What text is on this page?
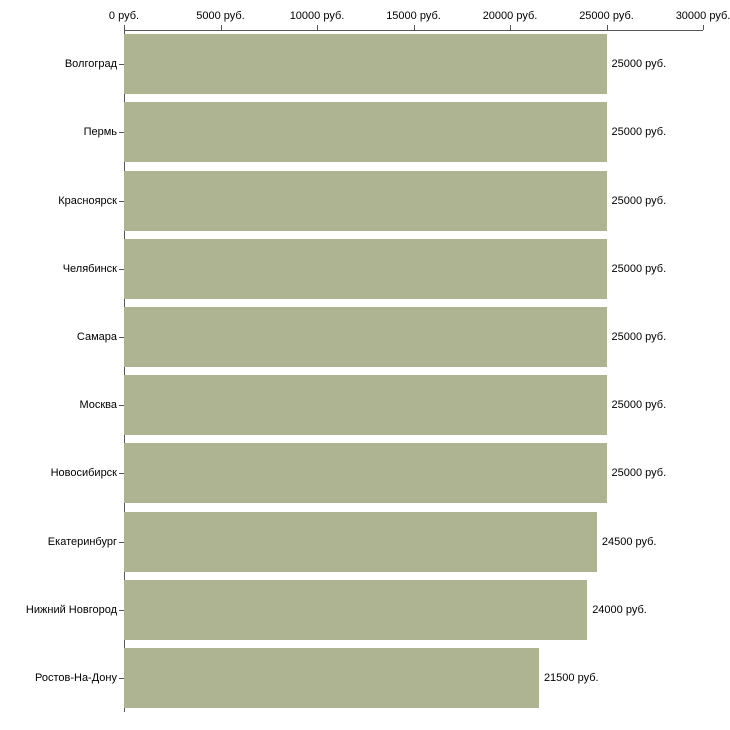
0 руб.	5000 руб.	10000 руб.	15000 руб.	20000 руб.	25000 руб.	30000 руб.
Волгоград
Пермь
Красноярск
Челябинск
Самара
Москва
Новосибирск
Екатеринбург
Нижний Новгород
Ростов-На-Дону
25000 руб.
25000 руб.
25000 руб.
25000 руб.
25000 руб.
25000 руб.
25000 руб.
24500 руб.
24000 руб.
21500 руб.
